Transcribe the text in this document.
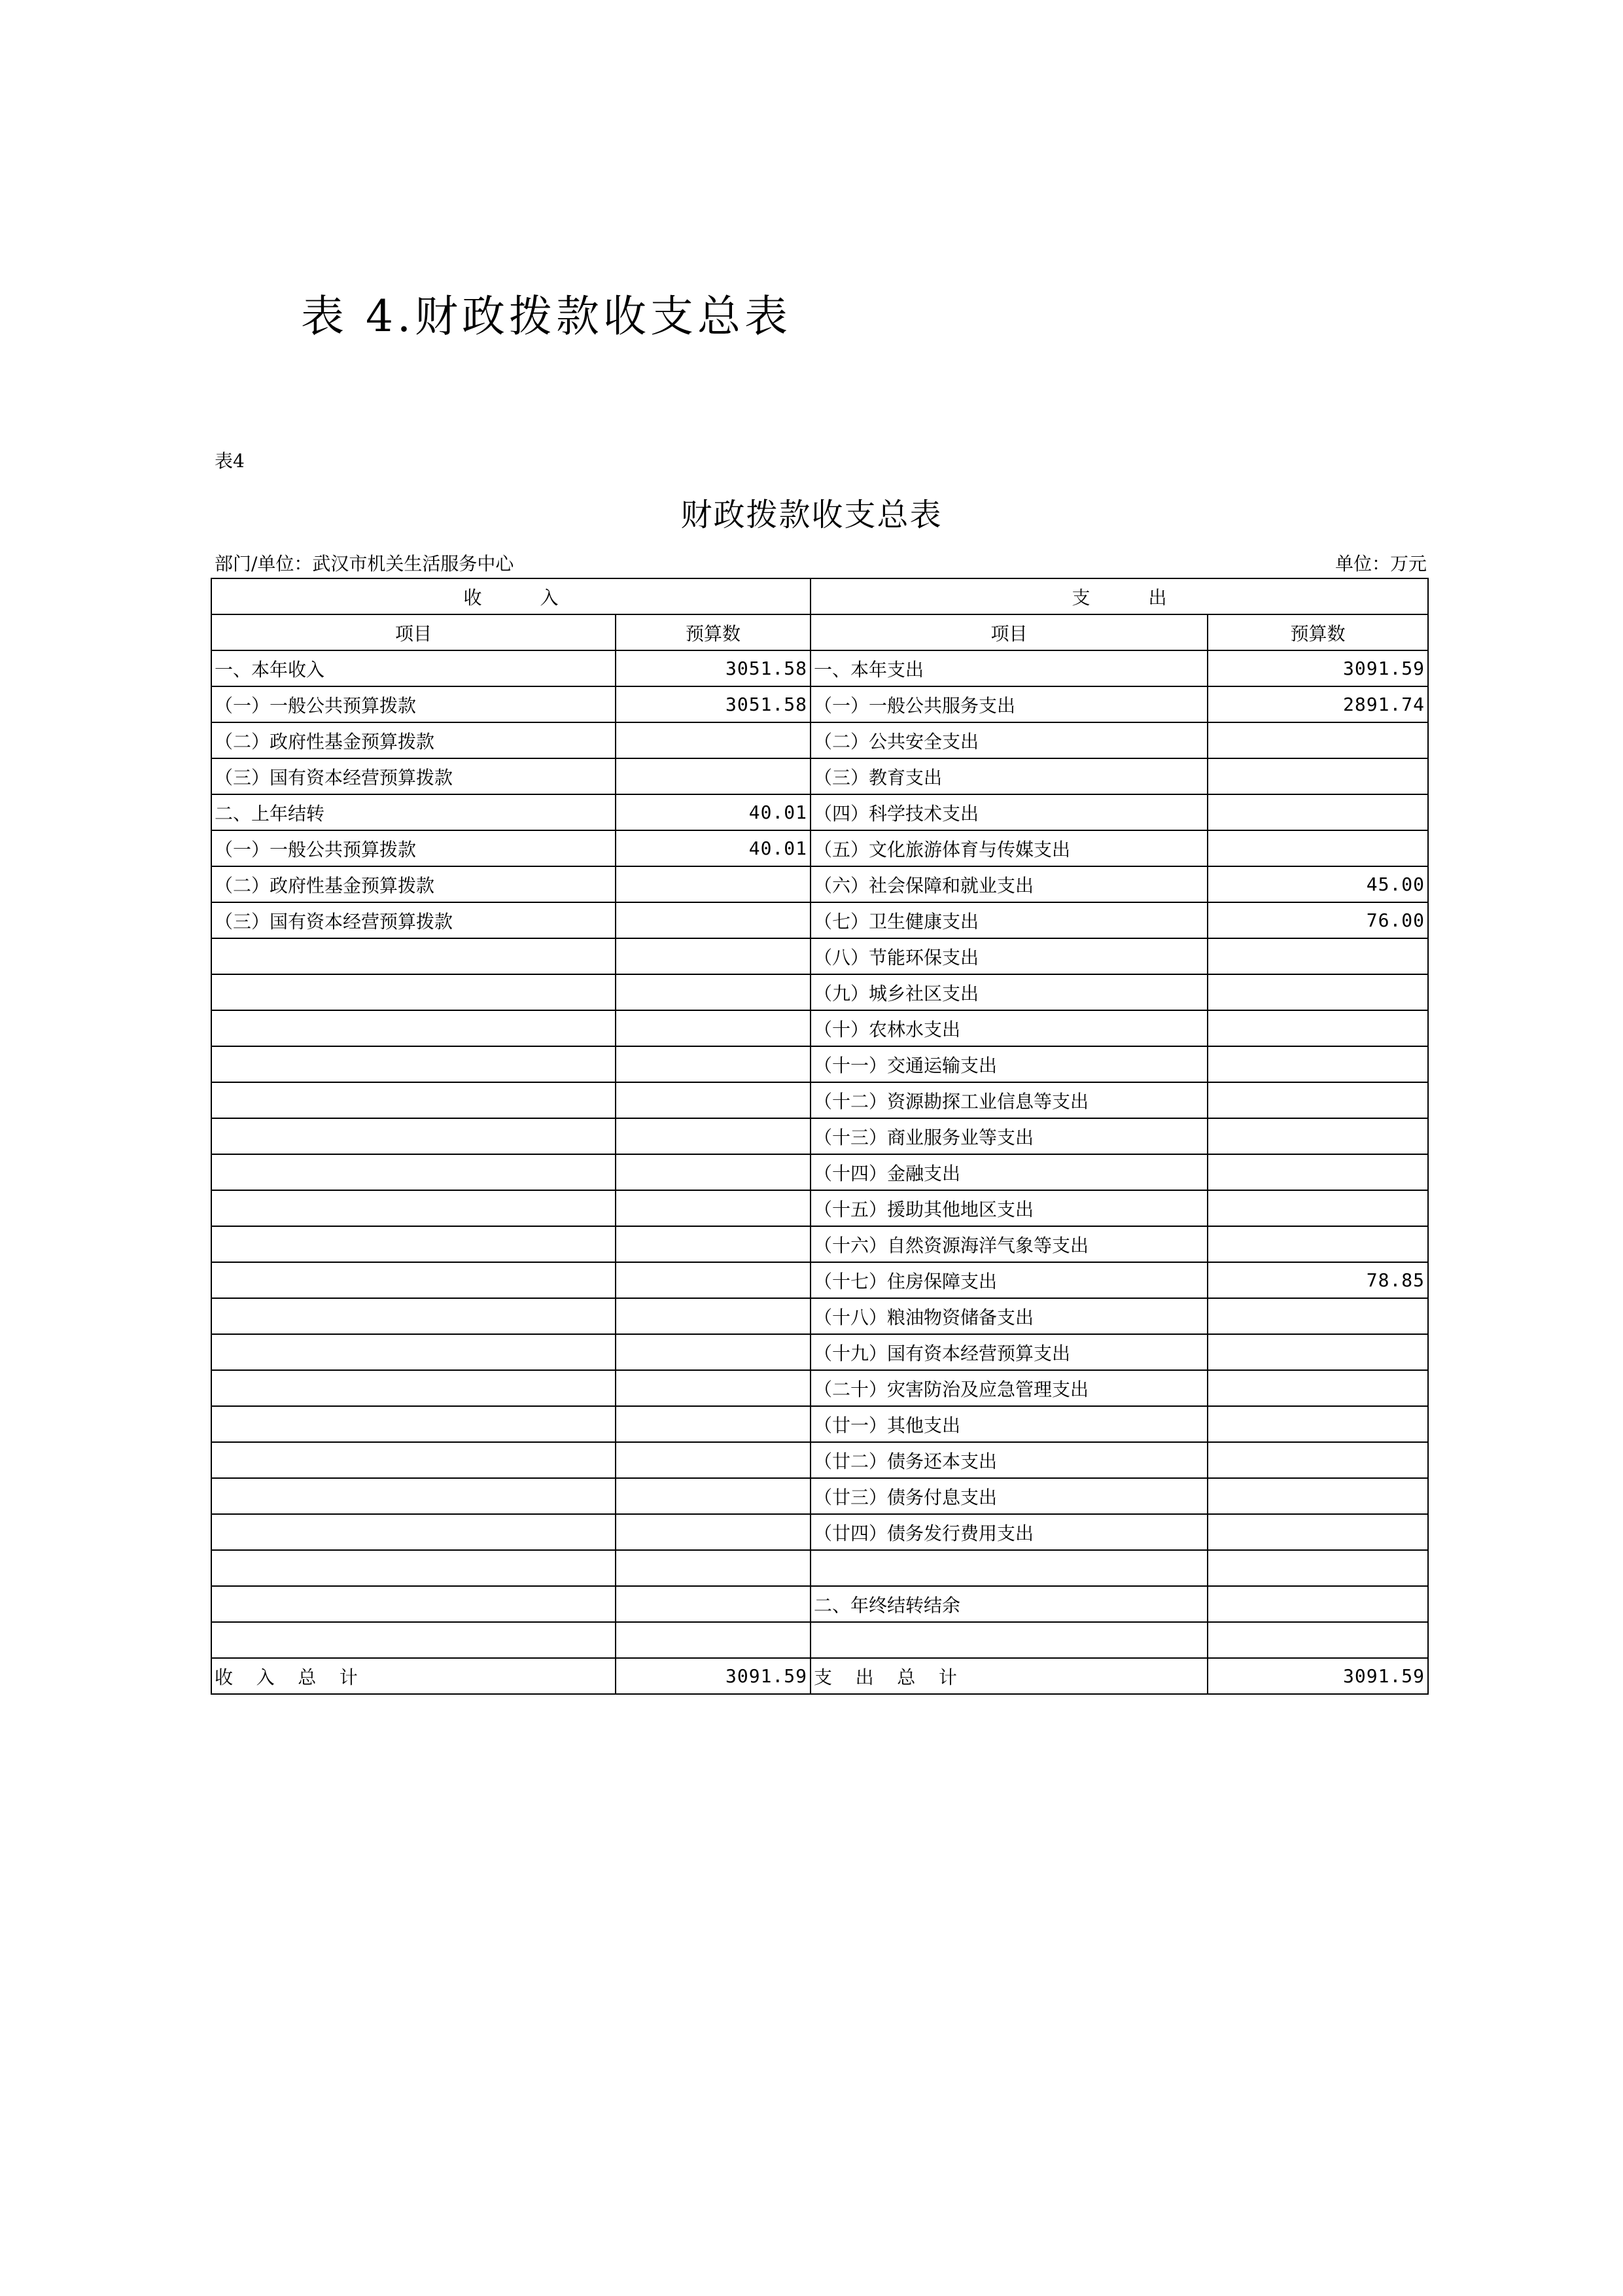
表 4.财政拨款收支总表
表4
财政拨款收支总表
部门/单位：武汉市机关生活服务中心	单位：万元
收          入		支          出	
项目	预算数	项目	预算数
一、本年收入	3051.58	一、本年支出	3091.59
（一）一般公共预算拨款	3051.58	（一）一般公共服务支出	2891.74
（二）政府性基金预算拨款		（二）公共安全支出	
（三）国有资本经营预算拨款		（三）教育支出	
二、上年结转	40.01	（四）科学技术支出	
（一）一般公共预算拨款	40.01	（五）文化旅游体育与传媒支出	
（二）政府性基金预算拨款		（六）社会保障和就业支出	45.00
（三）国有资本经营预算拨款		（七）卫生健康支出	76.00
		（八）节能环保支出	
		（九）城乡社区支出	
		（十）农林水支出	
		（十一）交通运输支出	
		（十二）资源勘探工业信息等支出	
		（十三）商业服务业等支出	
		（十四）金融支出	
		（十五）援助其他地区支出	
		（十六）自然资源海洋气象等支出	
		（十七）住房保障支出	78.85
		（十八）粮油物资储备支出	
		（十九）国有资本经营预算支出	
		（二十）灾害防治及应急管理支出	
		（廿一）其他支出	
		（廿二）债务还本支出	
		（廿三）债务付息支出	
		（廿四）债务发行费用支出	

		二、年终结转结余	

收    入    总    计	3091.59	支    出    总    计	3091.59
